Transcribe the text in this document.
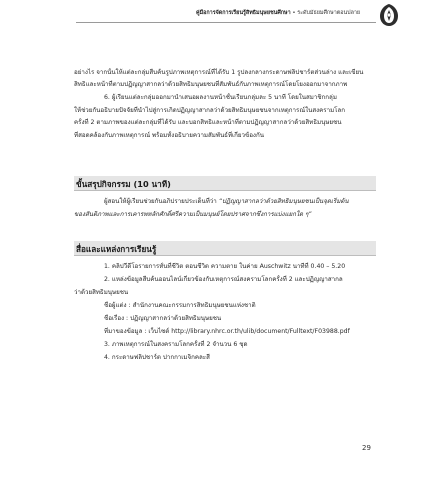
คู่มือการจัดการเรียนรู้สิทธิมนุษยชนศึกษา • ระดับมัธยมศึกษาตอนปลาย
อย่างไร จากนั้นให้แต่ละกลุ่มสืบค้นรูปภาพเหตุการณ์ที่ได้รับ 1 รูปลงกลางกระดาษฟลิปชาร์ตส่วนล่าง และเขียน
สิทธิและหน้าที่ตามปฏิญญาสากลว่าด้วยสิทธิมนุษยชนที่สัมพันธ์กับภาพเหตุการณ์โดยโยงออกมาจากภาพ
6. ผู้เรียนแต่ละกลุ่มออกมานำเสนอผลงานหน้าชั้นเรียนกลุ่มละ 5 นาที โดยในสมาชิกกลุ่ม
ให้ช่วยกันอธิบายปัจจัยที่นำไปสู่การเกิดปฏิญญาสากลว่าด้วยสิทธิมนุษยชนจากเหตุการณ์ในสงครามโลก
ครั้งที่ 2 ตามภาพของแต่ละกลุ่มที่ได้รับ และบอกสิทธิและหน้าที่ตามปฏิญญาสากลว่าด้วยสิทธิมนุษยชน
ที่สอดคล้องกับภาพเหตุการณ์ พร้อมทั้งอธิบายความสัมพันธ์ที่เกี่ยวข้องกัน
ขั้นสรุปกิจกรรม (10 นาที)
ผู้สอนให้ผู้เรียนช่วยกันอภิปรายประเด็นที่ว่า “ปฏิญญาสากลว่าด้วยสิทธิมนุษยชนเป็นจุดเริ่มต้น
ของสันติภาพและการเคารพหลักศักดิ์ศรีความเป็นมนุษย์โดยปราศจากซึ่งการแบ่งแยกใด ๆ”
สื่อและแหล่งการเรียนรู้
1. คลิปวีดีโอรายการทั่นที่ชีวิต ตอนชีวิต ความตาย ในค่าย Auschwitz นาทีที่ 0.40 – 5.20
2. แหล่งข้อมูลสืบค้นออนไลน์เกี่ยวข้องกับเหตุการณ์สงครามโลกครั้งที่ 2 และปฏิญญาสากล
ว่าด้วยสิทธิมนุษยชน
ชื่อผู้แต่ง : สำนักงานคณะกรรมการสิทธิมนุษยชนแห่งชาติ
ชื่อเรื่อง : ปฏิญญาสากลว่าด้วยสิทธิมนุษยชน
ที่มาของข้อมูล : เว็บไซต์ http://library.nhrc.or.th/ulib/document/Fulltext/F03988.pdf
3. ภาพเหตุการณ์ในสงครามโลกครั้งที่ 2 จำนวน 6 ชุด
4. กระดาษฟลิปชาร์ต ปากกาเมจิกคละสี
29
